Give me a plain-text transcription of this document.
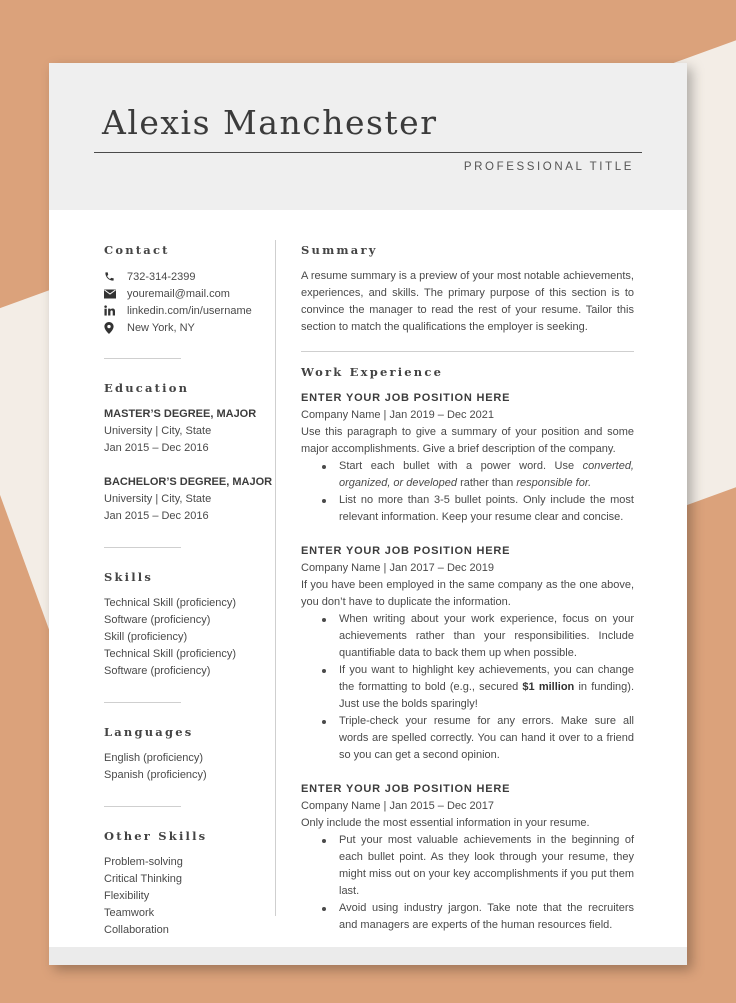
Alexis Manchester
PROFESSIONAL TITLE
Contact
732-314-2399
youremail@mail.com
linkedin.com/in/username
New York, NY
Education
MASTER’S DEGREE, MAJOR
University | City, State
Jan 2015 – Dec 2016
BACHELOR’S DEGREE, MAJOR
University | City, State
Jan 2015 – Dec 2016
Skills
Technical Skill (proficiency)
Software (proficiency)
Skill (proficiency)
Technical Skill (proficiency)
Software (proficiency)
Languages
English (proficiency)
Spanish (proficiency)
Other Skills
Problem-solving
Critical Thinking
Flexibility
Teamwork
Collaboration
Summary

A resume summary is a preview of your most notable achievements, experiences, and skills. The primary purpose of this section is to convince the manager to read the rest of your resume. Tailor this section to match the qualifications the employer is seeking.

Work Experience
ENTER YOUR JOB POSITION HERE
Company Name | Jan 2019 – Dec 2021

Use this paragraph to give a summary of your position and some major accomplishments. Give a brief description of the company.

Start each bullet with a power word. Use converted, organized, or developed rather than responsible for.
List no more than 3-5 bullet points. Only include the most relevant information. Keep your resume clear and concise.
ENTER YOUR JOB POSITION HERE
Company Name | Jan 2017 – Dec 2019

If you have been employed in the same company as the one above, you don’t have to duplicate the information.

When writing about your work experience, focus on your achievements rather than your responsibilities. Include quantifiable data to back them up when possible.
If you want to highlight key achievements, you can change the formatting to bold (e.g., secured $1 million in funding). Just use the bolds sparingly!
Triple-check your resume for any errors. Make sure all words are spelled correctly. You can hand it over to a friend so you can get a second opinion.
ENTER YOUR JOB POSITION HERE
Company Name | Jan 2015 – Dec 2017

Only include the most essential information in your resume.

Put your most valuable achievements in the beginning of each bullet point. As they look through your resume, they might miss out on your key accomplishments if you put them last.
Avoid using industry jargon. Take note that the recruiters and managers are experts of the human resources field.
